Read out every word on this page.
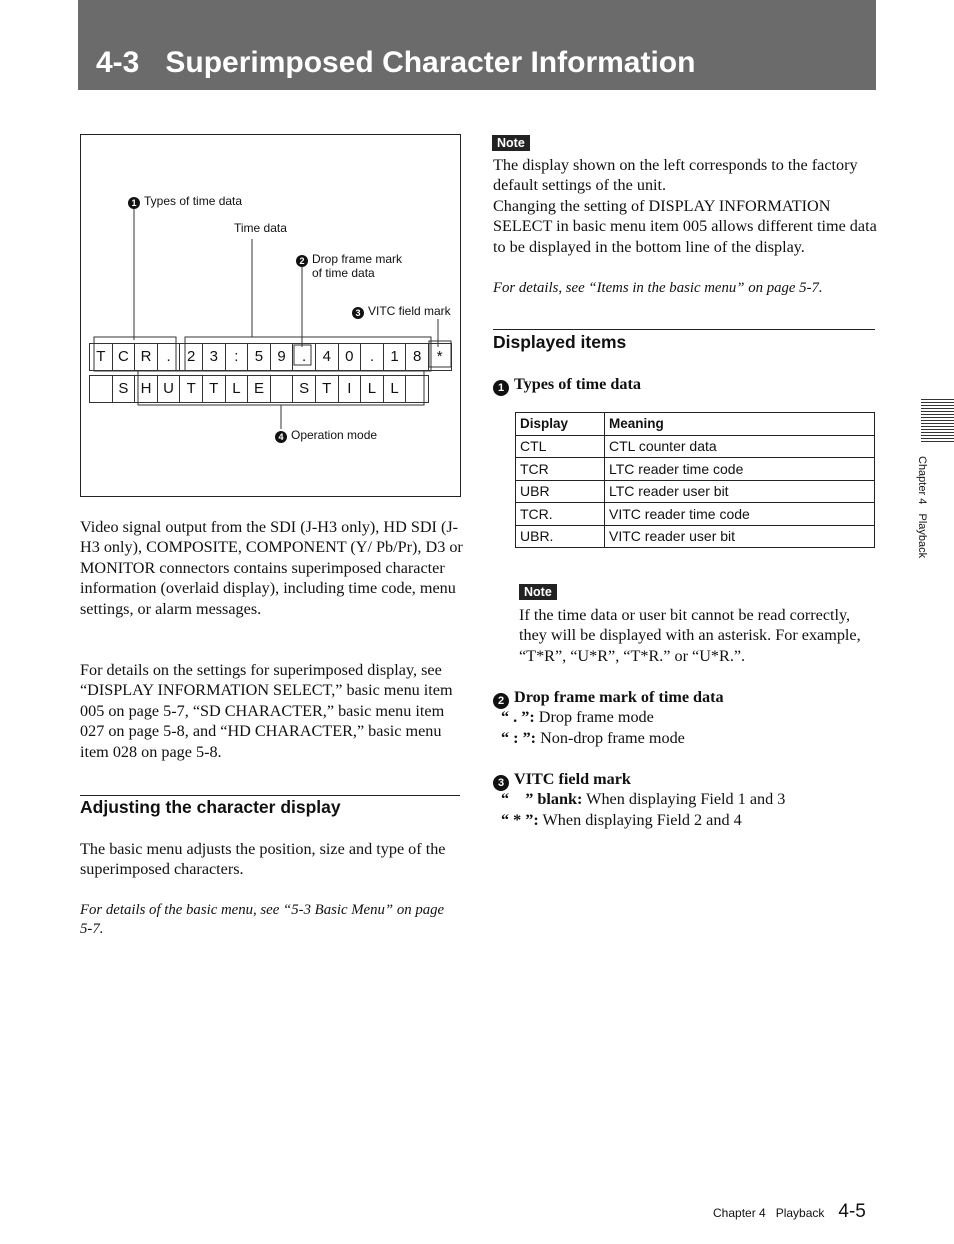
4-3 Superimposed Character Information
1 Types of time data
Time data
2 Drop frame mark
of time data
3 VITC field mark
4 Operation mode
T C R	.	2 3	:	5 9	.	4 0	.	1 8	*
S H U T T L E	S T	I	L L
Video signal output from the SDI (J-H3 only), HD SDI (J-H3 only), COMPOSITE, COMPONENT (Y/ Pb/Pr), D3 or MONITOR connectors contains superimposed character information (overlaid display), including time code, menu settings, or alarm messages.
For details on the settings for superimposed display, see “DISPLAY INFORMATION SELECT,” basic menu item 005 on page 5-7, “SD CHARACTER,” basic menu item 027 on page 5-8, and “HD CHARACTER,” basic menu item 028 on page 5-8.
Adjusting the character display
The basic menu adjusts the position, size and type of the superimposed characters.
For details of the basic menu, see “5-3 Basic Menu” on page 5-7.
Note
The display shown on the left corresponds to the factory default settings of the unit.
Changing the setting of DISPLAY INFORMATION SELECT in basic menu item 005 allows different time data to be displayed in the bottom line of the display.
For details, see “Items in the basic menu” on page 5-7.
Displayed items
1 Types of time data
Display	Meaning
CTL	CTL counter data
TCR	LTC reader time code
UBR	LTC reader user bit
TCR.	VITC reader time code
UBR.	VITC reader user bit
Note
If the time data or user bit cannot be read correctly, they will be displayed with an asterisk. For example, “T*R”, “U*R”, “T*R.” or “U*R.”.
2 Drop frame mark of time data
“ . ”: Drop frame mode
“ : ”: Non-drop frame mode
3 VITC field mark
“    ” blank: When displaying Field 1 and 3
“ * ”: When displaying Field 2 and 4
Chapter 4   Playback
Chapter 4   Playback 4-5
